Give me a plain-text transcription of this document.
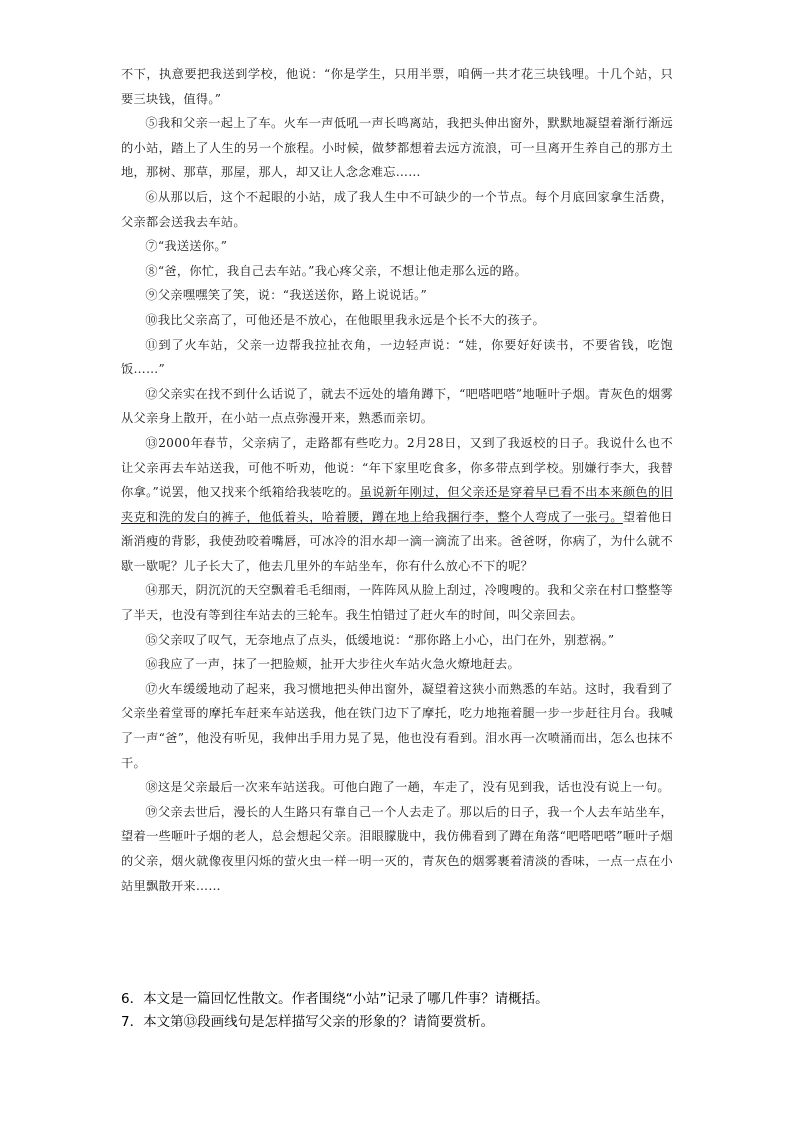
不下，执意要把我送到学校，他说：“你是学生，只用半票，咱俩一共才花三块钱哩。十几个站，只要三块钱，值得。”

⑤我和父亲一起上了车。火车一声低吼一声长鸣离站，我把头伸出窗外，默默地凝望着渐行渐远的小站，踏上了人生的另一个旅程。小时候，做梦都想着去远方流浪，可一旦离开生养自己的那方土地，那树、那草，那屋，那人，却又让人念念难忘……

⑥从那以后，这个不起眼的小站，成了我人生中不可缺少的一个节点。每个月底回家拿生活费，父亲都会送我去车站。

⑦“我送送你。”

⑧“爸，你忙，我自己去车站。”我心疼父亲，不想让他走那么远的路。

⑨父亲嘿嘿笑了笑，说：“我送送你，路上说说话。”

⑩我比父亲高了，可他还是不放心，在他眼里我永远是个长不大的孩子。

⑪到了火车站，父亲一边帮我拉扯衣角，一边轻声说：“娃，你要好好读书，不要省钱，吃饱饭……”

⑫父亲实在找不到什么话说了，就去不远处的墙角蹲下，“吧嗒吧嗒”地咂叶子烟。青灰色的烟雾从父亲身上散开，在小站一点点弥漫开来，熟悉而亲切。

⑬2000年春节，父亲病了，走路都有些吃力。2月28日，又到了我返校的日子。我说什么也不让父亲再去车站送我，可他不听劝，他说：“年下家里吃食多，你多带点到学校。别嫌行李大，我替你拿。”说罢，他又找来个纸箱给我装吃的。虽说新年刚过，但父亲还是穿着早已看不出本来颜色的旧夹克和洗的发白的裤子，他低着头，哈着腰，蹲在地上给我捆行李，整个人弯成了一张弓。望着他日渐消瘦的背影，我使劲咬着嘴唇，可冰冷的泪水却一滴一滴流了出来。爸爸呀，你病了，为什么就不歇一歇呢？儿子长大了，他去几里外的车站坐车，你有什么放心不下的呢？

⑭那天，阴沉沉的天空飘着毛毛细雨，一阵阵风从脸上刮过，冷嗖嗖的。我和父亲在村口整整等了半天，也没有等到往车站去的三轮车。我生怕错过了赶火车的时间，叫父亲回去。

⑮父亲叹了叹气，无奈地点了点头，低缓地说：“那你路上小心，出门在外，别惹祸。”

⑯我应了一声，抹了一把脸颊，扯开大步往火车站火急火燎地赶去。

⑰火车缓缓地动了起来，我习惯地把头伸出窗外，凝望着这狭小而熟悉的车站。这时，我看到了父亲坐着堂哥的摩托车赶来车站送我，他在铁门边下了摩托，吃力地拖着腿一步一步赶往月台。我喊了一声“爸”，他没有听见，我伸出手用力晃了晃，他也没有看到。泪水再一次喷涌而出，怎么也抹不干。

⑱这是父亲最后一次来车站送我。可他白跑了一趟，车走了，没有见到我，话也没有说上一句。

⑲父亲去世后，漫长的人生路只有靠自己一个人去走了。那以后的日子，我一个人去车站坐车，望着一些咂叶子烟的老人，总会想起父亲。泪眼朦胧中，我仿佛看到了蹲在角落“吧嗒吧嗒”咂叶子烟的父亲，烟火就像夜里闪烁的萤火虫一样一明一灭的，青灰色的烟雾裹着清淡的香味，一点一点在小站里飘散开来……

6．本文是一篇回忆性散文。作者围绕“小站”记录了哪几件事？请概括。

7．本文第⑬段画线句是怎样描写父亲的形象的？请简要赏析。
